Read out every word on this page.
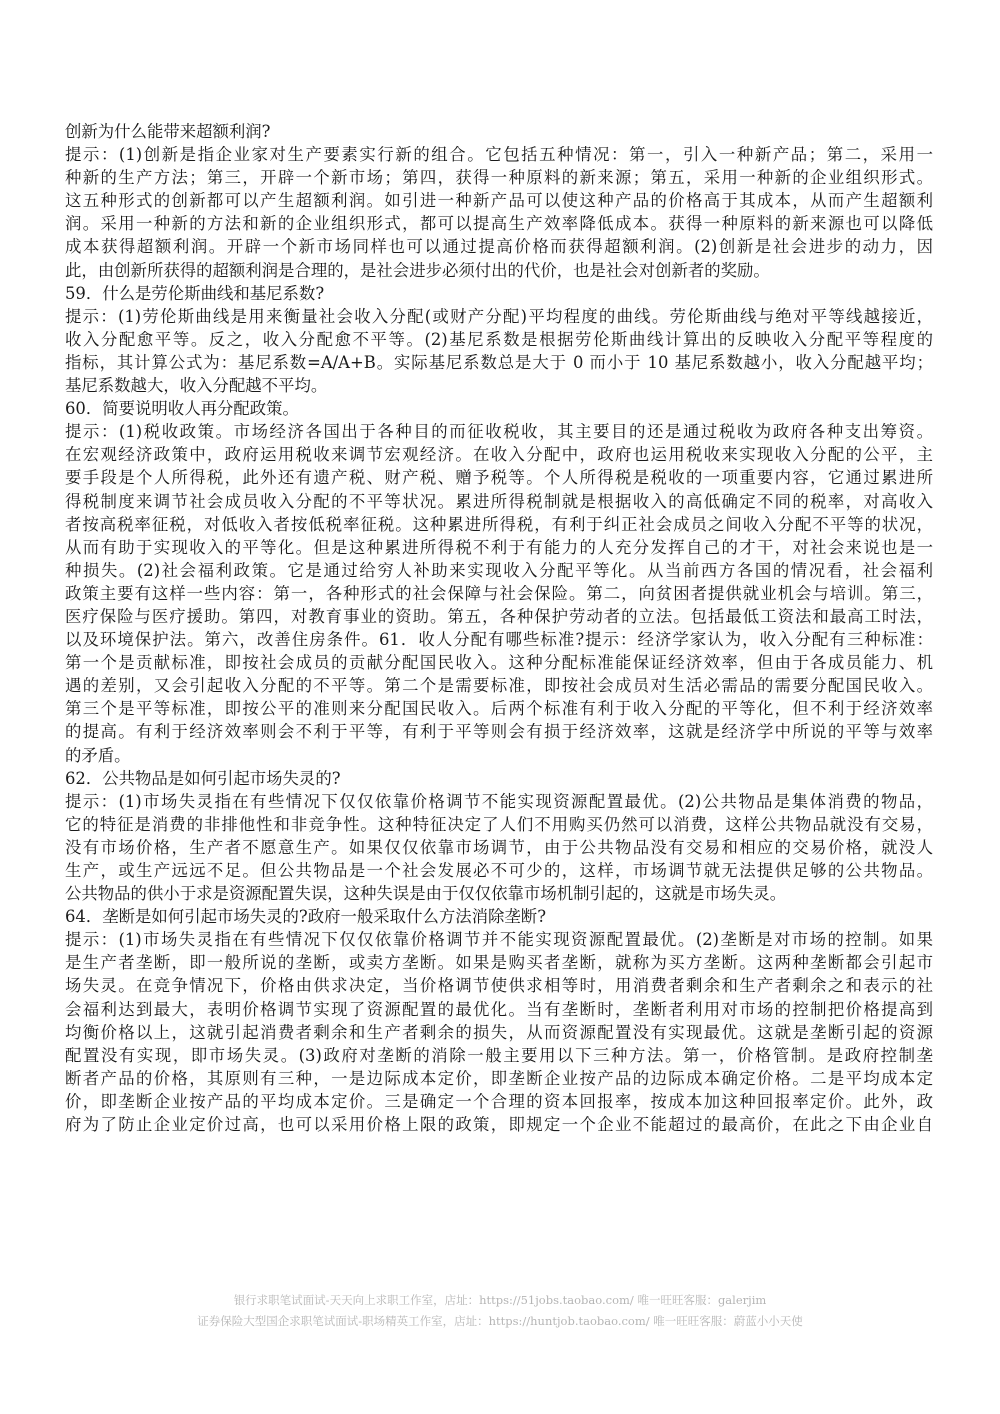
创新为什么能带来超额利润?
提示：(1)创新是指企业家对生产要素实行新的组合。它包括五种情况：第一，引入一种新产品；第二，采用一
种新的生产方法；第三，开辟一个新市场；第四，获得一种原料的新来源；第五，采用一种新的企业组织形式。
这五种形式的创新都可以产生超额利润。如引进一种新产品可以使这种产品的价格高于其成本，从而产生超额利
润。采用一种新的方法和新的企业组织形式，都可以提高生产效率降低成本。获得一种原料的新来源也可以降低
成本获得超额利润。开辟一个新市场同样也可以通过提高价格而获得超额利润。(2)创新是社会进步的动力，因
此，由创新所获得的超额利润是合理的，是社会进步必须付出的代价，也是社会对创新者的奖励。
59．什么是劳伦斯曲线和基尼系数?
提示：(1)劳伦斯曲线是用来衡量社会收入分配(或财产分配)平均程度的曲线。劳伦斯曲线与绝对平等线越接近，
收入分配愈平等。反之，收入分配愈不平等。(2)基尼系数是根据劳伦斯曲线计算出的反映收入分配平等程度的
指标，其计算公式为：基尼系数=A/A+B。实际基尼系数总是大于 0 而小于 10 基尼系数越小，收入分配越平均；
基尼系数越大，收入分配越不平均。
60．简要说明收人再分配政策。
提示：(1)税收政策。市场经济各国出于各种目的而征收税收，其主要目的还是通过税收为政府各种支出筹资。
在宏观经济政策中，政府运用税收来调节宏观经济。在收入分配中，政府也运用税收来实现收入分配的公平，主
要手段是个人所得税，此外还有遗产税、财产税、赠予税等。个人所得税是税收的一项重要内容，它通过累进所
得税制度来调节社会成员收入分配的不平等状况。累进所得税制就是根据收入的高低确定不同的税率，对高收入
者按高税率征税，对低收入者按低税率征税。这种累进所得税，有利于纠正社会成员之间收入分配不平等的状况，
从而有助于实现收入的平等化。但是这种累进所得税不利于有能力的人充分发挥自己的才干，对社会来说也是一
种损失。(2)社会福利政策。它是通过给穷人补助来实现收入分配平等化。从当前西方各国的情况看，社会福利
政策主要有这样一些内容：第一，各种形式的社会保障与社会保险。第二，向贫困者提供就业机会与培训。第三，
医疗保险与医疗援助。第四，对教育事业的资助。第五，各种保护劳动者的立法。包括最低工资法和最高工时法，
以及环境保护法。第六，改善住房条件。61．收人分配有哪些标准?提示：经济学家认为，收入分配有三种标准：
第一个是贡献标准，即按社会成员的贡献分配国民收入。这种分配标准能保证经济效率，但由于各成员能力、机
遇的差别，又会引起收入分配的不平等。第二个是需要标准，即按社会成员对生活必需品的需要分配国民收入。
第三个是平等标准，即按公平的准则来分配国民收入。后两个标准有利于收入分配的平等化，但不利于经济效率
的提高。有利于经济效率则会不利于平等，有利于平等则会有损于经济效率，这就是经济学中所说的平等与效率
的矛盾。
62．公共物品是如何引起市场失灵的?
提示：(1)市场失灵指在有些情况下仅仅依靠价格调节不能实现资源配置最优。(2)公共物品是集体消费的物品，
它的特征是消费的非排他性和非竞争性。这种特征决定了人们不用购买仍然可以消费，这样公共物品就没有交易，
没有市场价格，生产者不愿意生产。如果仅仅依靠市场调节，由于公共物品没有交易和相应的交易价格，就没人
生产，或生产远远不足。但公共物品是一个社会发展必不可少的，这样，市场调节就无法提供足够的公共物品。
公共物品的供小于求是资源配置失误，这种失误是由于仅仅依靠市场机制引起的，这就是市场失灵。
64．垄断是如何引起市场失灵的?政府一般采取什么方法消除垄断?
提示：(1)市场失灵指在有些情况下仅仅依靠价格调节并不能实现资源配置最优。(2)垄断是对市场的控制。如果
是生产者垄断，即一般所说的垄断，或卖方垄断。如果是购买者垄断，就称为买方垄断。这两种垄断都会引起市
场失灵。在竞争情况下，价格由供求决定，当价格调节使供求相等时，用消费者剩余和生产者剩余之和表示的社
会福利达到最大，表明价格调节实现了资源配置的最优化。当有垄断时，垄断者利用对市场的控制把价格提高到
均衡价格以上，这就引起消费者剩余和生产者剩余的损失，从而资源配置没有实现最优。这就是垄断引起的资源
配置没有实现，即市场失灵。(3)政府对垄断的消除一般主要用以下三种方法。第一，价格管制。是政府控制垄
断者产品的价格，其原则有三种，一是边际成本定价，即垄断企业按产品的边际成本确定价格。二是平均成本定
价，即垄断企业按产品的平均成本定价。三是确定一个合理的资本回报率，按成本加这种回报率定价。此外，政
府为了防止企业定价过高，也可以采用价格上限的政策，即规定一个企业不能超过的最高价，在此之下由企业自
银行求职笔试面试-天天向上求职工作室，店址：https://51jobs.taobao.com/ 唯一旺旺客服：galerjim
证券保险大型国企求职笔试面试-职场精英工作室，店址：https://huntjob.taobao.com/ 唯一旺旺客服：蔚蓝小小天使
